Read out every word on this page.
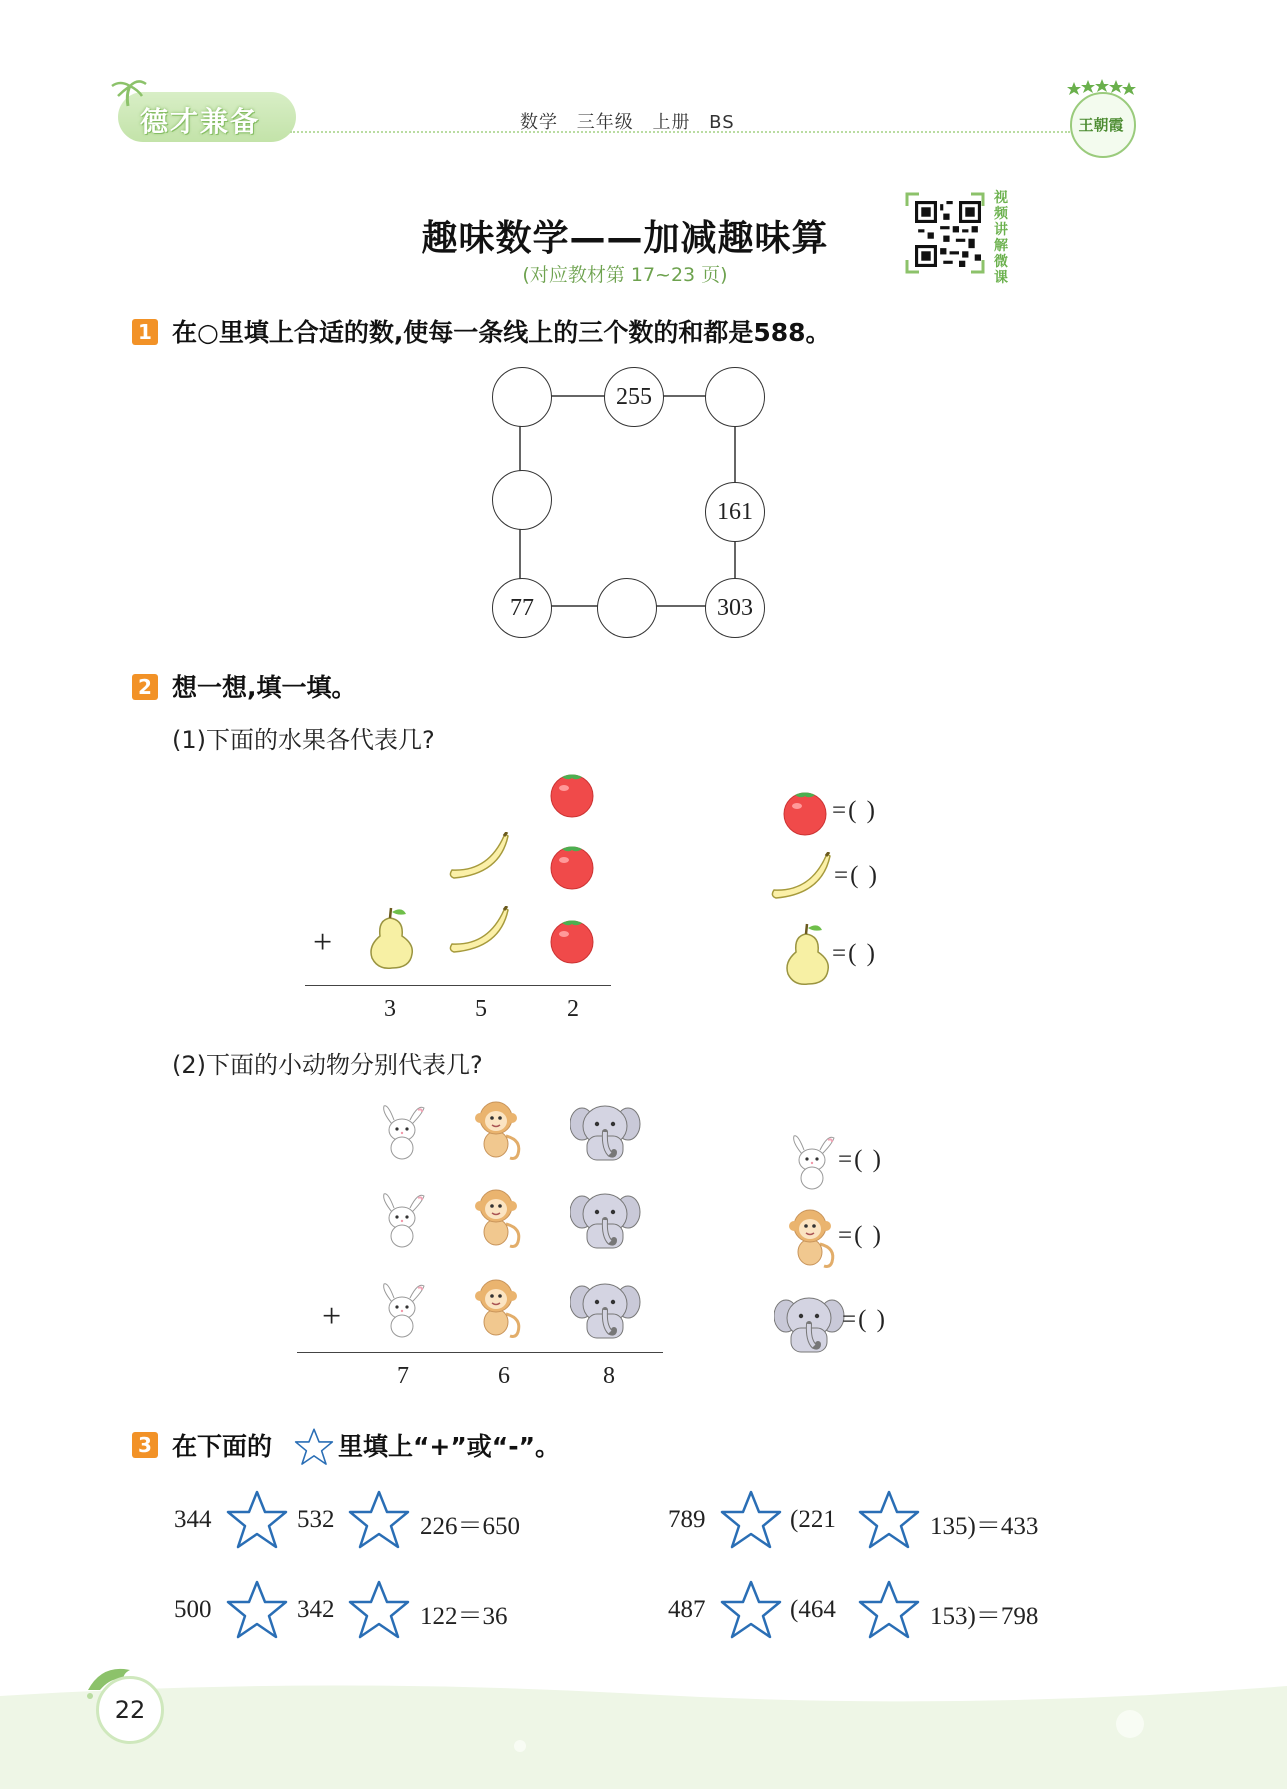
德才兼备	数学 三年级 上册 BS	王朝霞
趣味数学——加减趣味算
(对应教材第 17~23 页)
视频讲解微课
1 在○里填上合适的数,使每一条线上的三个数的和都是588。
255
161
77	303
2 想一想,填一填。
(1)下面的水果各代表几?
+
3	5	2
=( )
=( )
=( )
(2)下面的小动物分别代表几?
+
7	6	8
=( )
=( )
=( )
3 在下面的	里填上“+”或“-”。
344	532	226＝650	789	(221	135)＝433
500	342	122＝36	487	(464	153)＝798
22
